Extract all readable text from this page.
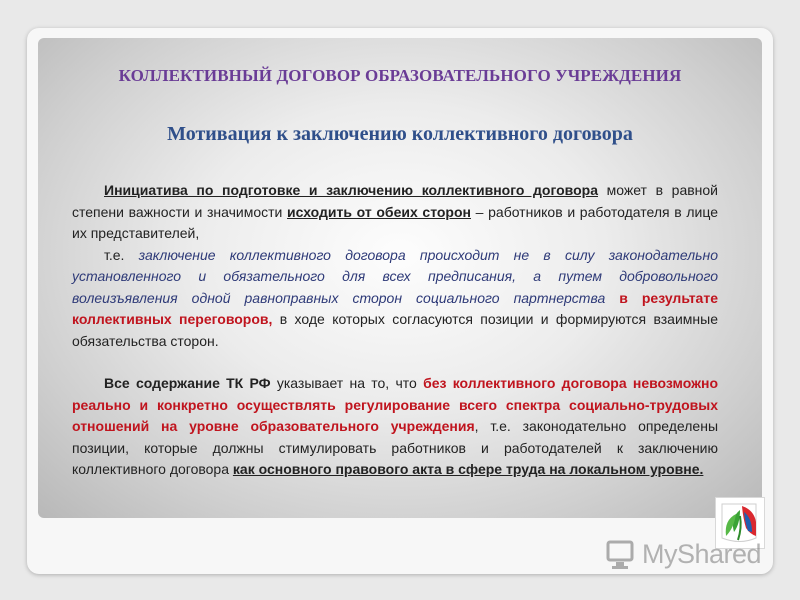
КОЛЛЕКТИВНЫЙ ДОГОВОР ОБРАЗОВАТЕЛЬНОГО УЧРЕЖДЕНИЯ
Мотивация к заключению коллективного договора

Инициатива по подготовке и заключению коллективного договора может в равной степени важности и значимости исходить от обеих сторон – работников и работодателя в лице их представителей,

т.е. заключение коллективного договора происходит не в силу законодательно установленного и обязательного для всех предписания, а путем добровольного волеизъявления одной равноправных сторон социального партнерства в результате коллективных переговоров, в ходе которых согласуются позиции и формируются взаимные обязательства сторон.

Все содержание ТК РФ указывает на то, что без коллективного договора невозможно реально и конкретно осуществлять регулирование всего спектра социально-трудовых отношений на уровне образовательного учреждения, т.е. законодательно определены позиции, которые должны стимулировать работников и работодателей к заключению коллективного договора как основного правового акта в сфере труда на локальном уровне.

MyShared
